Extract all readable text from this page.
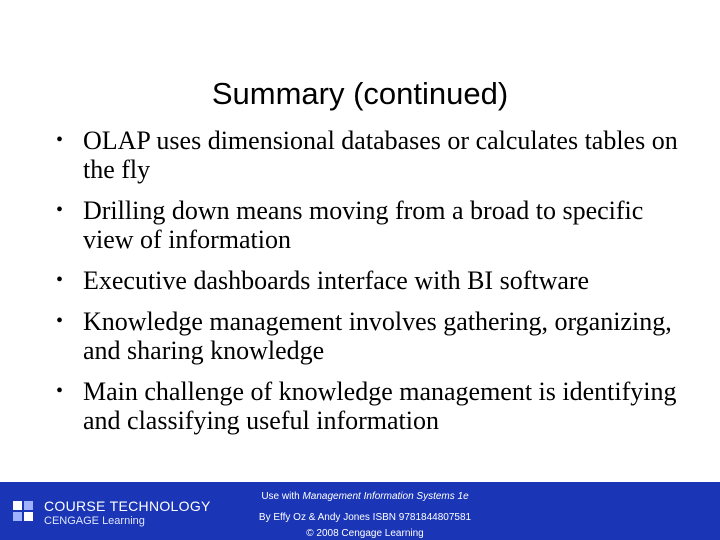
Summary (continued)
• OLAP uses dimensional databases or calculates tables on the fly
• Drilling down means moving from a broad to specific view of information
• Executive dashboards interface with BI software
• Knowledge management involves gathering, organizing, and sharing knowledge
• Main challenge of knowledge management is identifying and classifying useful information
COURSE TECHNOLOGY
CENGAGE Learning
Use with Management Information Systems 1e
By Effy Oz & Andy Jones ISBN 9781844807581
© 2008 Cengage Learning
